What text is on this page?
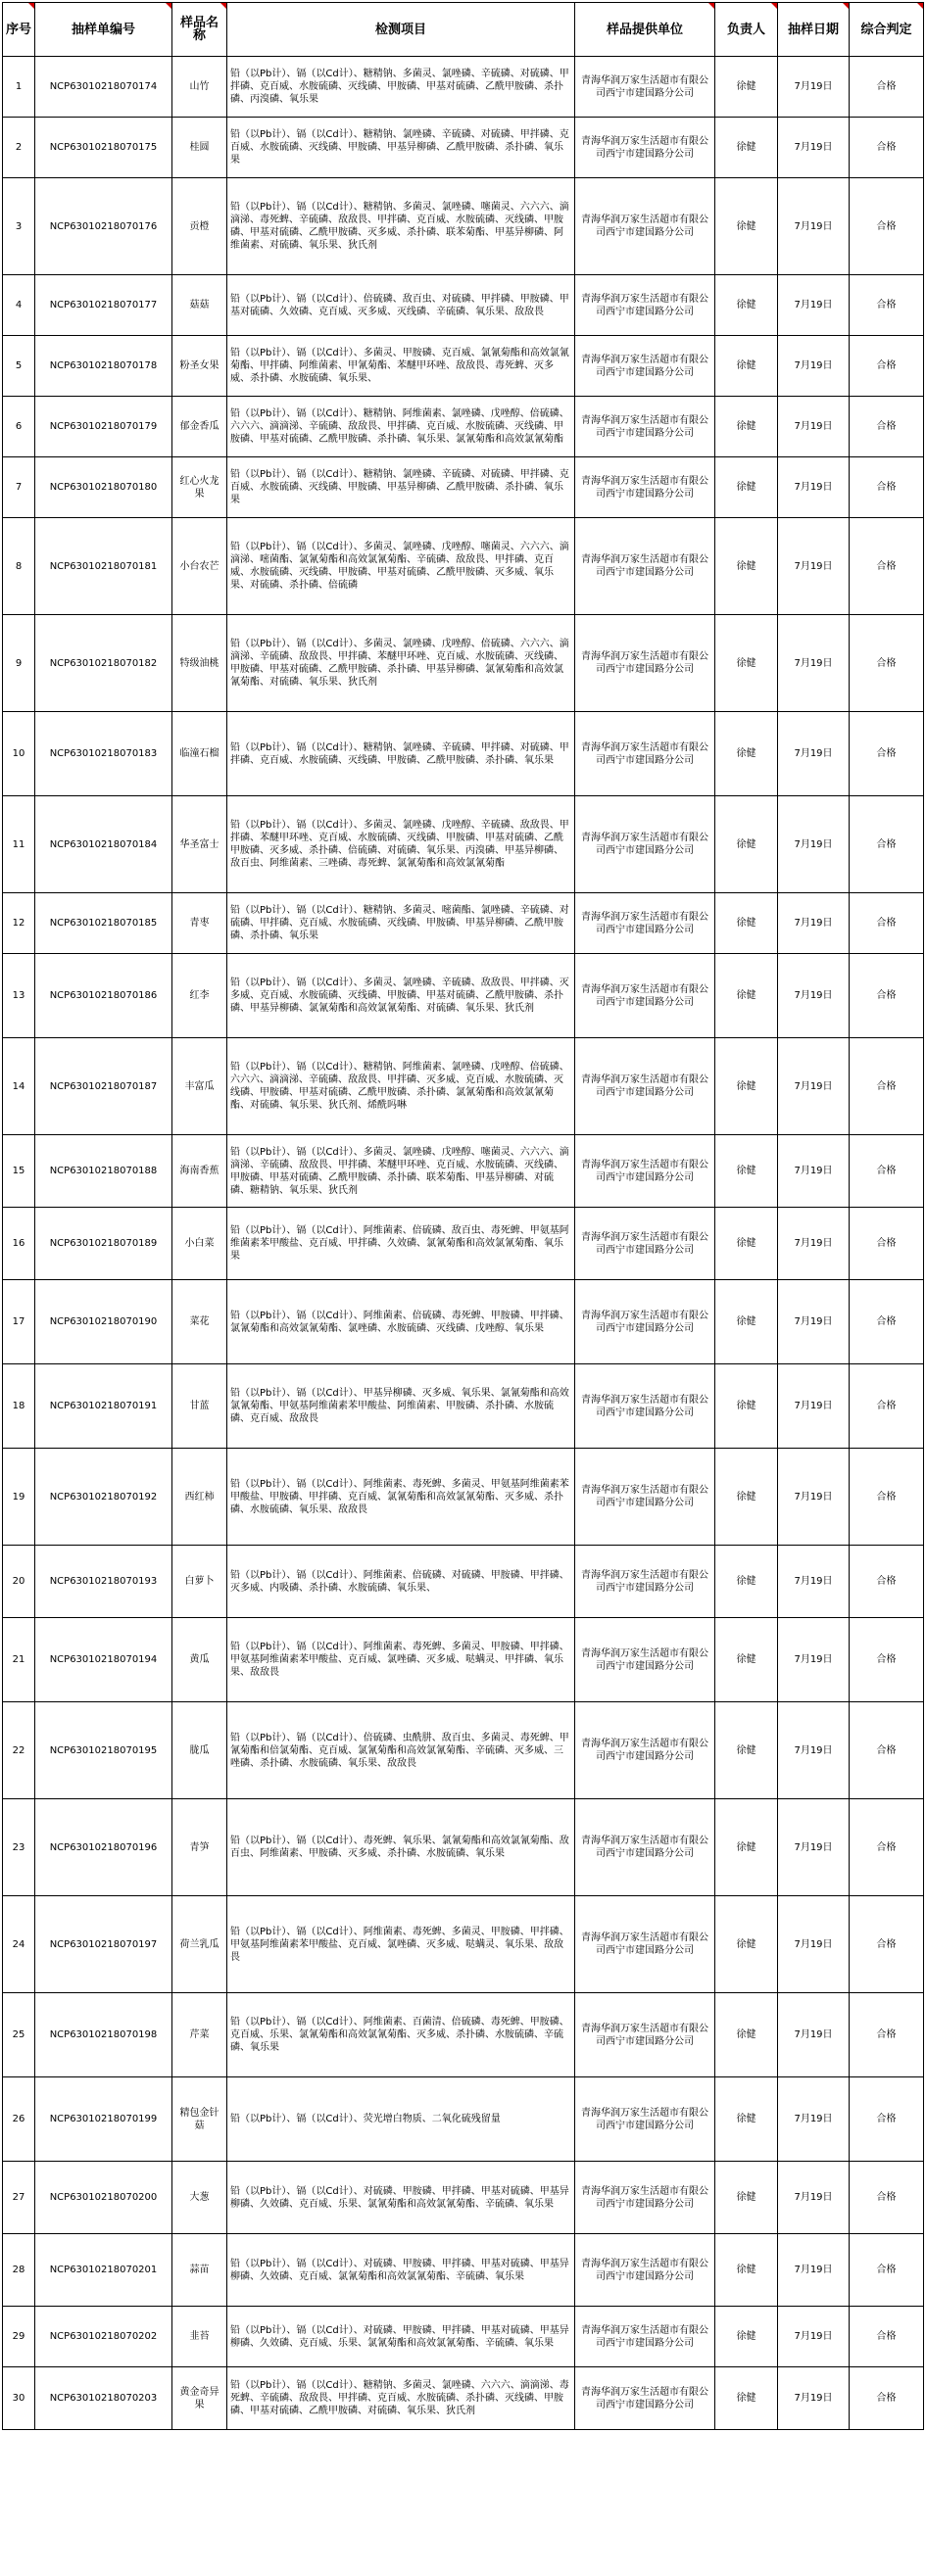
序号	抽样单编号	样品名称	检测项目	样品提供单位	负责人	抽样日期	综合判定

1	NCP63010218070174	山竹	铅（以Pb计）、镉（以Cd计）、糖精钠、多菌灵、氯唑磷、辛硫磷、对硫磷、甲拌磷、克百威、水胺硫磷、灭线磷、甲胺磷、甲基对硫磷、乙酰甲胺磷、杀扑磷、丙溴磷、氧乐果	青海华润万家生活超市有限公司西宁市建国路分公司	徐健	7月19日	合格
2	NCP63010218070175	桂圆	铅（以Pb计）、镉（以Cd计）、糖精钠、氯唑磷、辛硫磷、对硫磷、甲拌磷、克百威、水胺硫磷、灭线磷、甲胺磷、甲基异柳磷、乙酰甲胺磷、杀扑磷、氧乐果	青海华润万家生活超市有限公司西宁市建国路分公司	徐健	7月19日	合格
3	NCP63010218070176	贡橙	铅（以Pb计）、镉（以Cd计）、糖精钠、多菌灵、氯唑磷、噻菌灵、六六六、滴滴涕、毒死蜱、辛硫磷、敌敌畏、甲拌磷、克百威、水胺硫磷、灭线磷、甲胺磷、甲基对硫磷、乙酰甲胺磷、灭多威、杀扑磷、联苯菊酯、甲基异柳磷、阿维菌素、对硫磷、氧乐果、狄氏剂	青海华润万家生活超市有限公司西宁市建国路分公司	徐健	7月19日	合格
4	NCP63010218070177	菇菇	铅（以Pb计）、镉（以Cd计）、倍硫磷、敌百虫、对硫磷、甲拌磷、甲胺磷、甲基对硫磷、久效磷、克百威、灭多威、灭线磷、辛硫磷、氧乐果、敌敌畏	青海华润万家生活超市有限公司西宁市建国路分公司	徐健	7月19日	合格
5	NCP63010218070178	粉圣女果	铅（以Pb计）、镉（以Cd计）、多菌灵、甲胺磷、克百威、氯氰菊酯和高效氯氰菊酯、甲拌磷、阿维菌素、甲氰菊酯、苯醚甲环唑、敌敌畏、毒死蜱、灭多威、杀扑磷、水胺硫磷、氧乐果、	青海华润万家生活超市有限公司西宁市建国路分公司	徐健	7月19日	合格
6	NCP63010218070179	郁金香瓜	铅（以Pb计）、镉（以Cd计）、糖精钠、阿维菌素、氯唑磷、戊唑醇、倍硫磷、六六六、滴滴涕、辛硫磷、敌敌畏、甲拌磷、克百威、水胺硫磷、灭线磷、甲胺磷、甲基对硫磷、乙酰甲胺磷、杀扑磷、氧乐果、氯氰菊酯和高效氯氰菊酯	青海华润万家生活超市有限公司西宁市建国路分公司	徐健	7月19日	合格
7	NCP63010218070180	红心火龙果	铅（以Pb计）、镉（以Cd计）、糖精钠、氯唑磷、辛硫磷、对硫磷、甲拌磷、克百威、水胺硫磷、灭线磷、甲胺磷、甲基异柳磷、乙酰甲胺磷、杀扑磷、氧乐果	青海华润万家生活超市有限公司西宁市建国路分公司	徐健	7月19日	合格
8	NCP63010218070181	小台农芒	铅（以Pb计）、镉（以Cd计）、多菌灵、氯唑磷、戊唑醇、噻菌灵、六六六、滴滴涕、嘧菌酯、氯氰菊酯和高效氯氰菊酯、辛硫磷、敌敌畏、甲拌磷、克百威、水胺硫磷、灭线磷、甲胺磷、甲基对硫磷、乙酰甲胺磷、灭多威、氧乐果、对硫磷、杀扑磷、倍硫磷	青海华润万家生活超市有限公司西宁市建国路分公司	徐健	7月19日	合格
9	NCP63010218070182	特级油桃	铅（以Pb计）、镉（以Cd计）、多菌灵、氯唑磷、戊唑醇、倍硫磷、六六六、滴滴涕、辛硫磷、敌敌畏、甲拌磷、苯醚甲环唑、克百威、水胺硫磷、灭线磷、甲胺磷、甲基对硫磷、乙酰甲胺磷、杀扑磷、甲基异柳磷、氯氰菊酯和高效氯氰菊酯、对硫磷、氧乐果、狄氏剂	青海华润万家生活超市有限公司西宁市建国路分公司	徐健	7月19日	合格
10	NCP63010218070183	临潼石榴	铅（以Pb计）、镉（以Cd计）、糖精钠、氯唑磷、辛硫磷、甲拌磷、对硫磷、甲拌磷、克百威、水胺硫磷、灭线磷、甲胺磷、乙酰甲胺磷、杀扑磷、氧乐果	青海华润万家生活超市有限公司西宁市建国路分公司	徐健	7月19日	合格
11	NCP63010218070184	华圣富士	铅（以Pb计）、镉（以Cd计）、多菌灵、氯唑磷、戊唑醇、辛硫磷、敌敌畏、甲拌磷、苯醚甲环唑、克百威、水胺硫磷、灭线磷、甲胺磷、甲基对硫磷、乙酰甲胺磷、灭多威、杀扑磷、倍硫磷、对硫磷、氧乐果、丙溴磷、甲基异柳磷、敌百虫、阿维菌素、三唑磷、毒死蜱、氯氰菊酯和高效氯氰菊酯	青海华润万家生活超市有限公司西宁市建国路分公司	徐健	7月19日	合格
12	NCP63010218070185	青枣	铅（以Pb计）、镉（以Cd计）、糖精钠、多菌灵、嘧菌酯、氯唑磷、辛硫磷、对硫磷、甲拌磷、克百威、水胺硫磷、灭线磷、甲胺磷、甲基异柳磷、乙酰甲胺磷、杀扑磷、氧乐果	青海华润万家生活超市有限公司西宁市建国路分公司	徐健	7月19日	合格
13	NCP63010218070186	红李	铅（以Pb计）、镉（以Cd计）、多菌灵、氯唑磷、辛硫磷、敌敌畏、甲拌磷、灭多威、克百威、水胺硫磷、灭线磷、甲胺磷、甲基对硫磷、乙酰甲胺磷、杀扑磷、甲基异柳磷、氯氰菊酯和高效氯氰菊酯、对硫磷、氧乐果、狄氏剂	青海华润万家生活超市有限公司西宁市建国路分公司	徐健	7月19日	合格
14	NCP63010218070187	丰富瓜	铅（以Pb计）、镉（以Cd计）、糖精钠、阿维菌素、氯唑磷、戊唑醇、倍硫磷、六六六、滴滴涕、辛硫磷、敌敌畏、甲拌磷、灭多威、克百威、水胺硫磷、灭线磷、甲胺磷、甲基对硫磷、乙酰甲胺磷、杀扑磷、氯氰菊酯和高效氯氰菊酯、对硫磷、氧乐果、狄氏剂、烯酰吗啉	青海华润万家生活超市有限公司西宁市建国路分公司	徐健	7月19日	合格
15	NCP63010218070188	海南香蕉	铅（以Pb计）、镉（以Cd计）、多菌灵、氯唑磷、戊唑醇、噻菌灵、六六六、滴滴涕、辛硫磷、敌敌畏、甲拌磷、苯醚甲环唑、克百威、水胺硫磷、灭线磷、甲胺磷、甲基对硫磷、乙酰甲胺磷、杀扑磷、联苯菊酯、甲基异柳磷、对硫磷、糖精钠、氧乐果、狄氏剂	青海华润万家生活超市有限公司西宁市建国路分公司	徐健	7月19日	合格
16	NCP63010218070189	小白菜	铅（以Pb计）、镉（以Cd计）、阿维菌素、倍硫磷、敌百虫、毒死蜱、甲氨基阿维菌素苯甲酸盐、克百威、甲拌磷、久效磷、氯氰菊酯和高效氯氰菊酯、氧乐果	青海华润万家生活超市有限公司西宁市建国路分公司	徐健	7月19日	合格
17	NCP63010218070190	菜花	铅（以Pb计）、镉（以Cd计）、阿维菌素、倍硫磷、毒死蜱、甲胺磷、甲拌磷、氯氰菊酯和高效氯氰菊酯、氯唑磷、水胺硫磷、灭线磷、戊唑醇、氧乐果	青海华润万家生活超市有限公司西宁市建国路分公司	徐健	7月19日	合格
18	NCP63010218070191	甘蓝	铅（以Pb计）、镉（以Cd计）、甲基异柳磷、灭多威、氧乐果、氯氰菊酯和高效氯氰菊酯、甲氨基阿维菌素苯甲酸盐、阿维菌素、甲胺磷、杀扑磷、水胺硫磷、克百威、敌敌畏	青海华润万家生活超市有限公司西宁市建国路分公司	徐健	7月19日	合格
19	NCP63010218070192	西红柿	铅（以Pb计）、镉（以Cd计）、阿维菌素、毒死蜱、多菌灵、甲氨基阿维菌素苯甲酸盐、甲胺磷、甲拌磷、克百威、氯氰菊酯和高效氯氰菊酯、灭多威、杀扑磷、水胺硫磷、氧乐果、敌敌畏	青海华润万家生活超市有限公司西宁市建国路分公司	徐健	7月19日	合格
20	NCP63010218070193	白萝卜	铅（以Pb计）、镉（以Cd计）、阿维菌素、倍硫磷、对硫磷、甲胺磷、甲拌磷、灭多威、内吸磷、杀扑磷、水胺硫磷、氧乐果、	青海华润万家生活超市有限公司西宁市建国路分公司	徐健	7月19日	合格
21	NCP63010218070194	黄瓜	铅（以Pb计）、镉（以Cd计）、阿维菌素、毒死蜱、多菌灵、甲胺磷、甲拌磷、甲氨基阿维菌素苯甲酸盐、克百威、氯唑磷、灭多威、哒螨灵、甲拌磷、氧乐果、敌敌畏	青海华润万家生活超市有限公司西宁市建国路分公司	徐健	7月19日	合格
22	NCP63010218070195	胧瓜	铅（以Pb计）、镉（以Cd计）、倍硫磷、虫酰肼、敌百虫、多菌灵、毒死蜱、甲氰菊酯和倍氯菊酯、克百威、氯氰菊酯和高效氯氰菊酯、辛硫磷、灭多威、三唑磷、杀扑磷、水胺硫磷、氧乐果、敌敌畏	青海华润万家生活超市有限公司西宁市建国路分公司	徐健	7月19日	合格
23	NCP63010218070196	青笋	铅（以Pb计）、镉（以Cd计）、毒死蜱、氧乐果、氯氰菊酯和高效氯氰菊酯、敌百虫、阿维菌素、甲胺磷、灭多威、杀扑磷、水胺硫磷、氧乐果	青海华润万家生活超市有限公司西宁市建国路分公司	徐健	7月19日	合格
24	NCP63010218070197	荷兰乳瓜	铅（以Pb计）、镉（以Cd计）、阿维菌素、毒死蜱、多菌灵、甲胺磷、甲拌磷、甲氨基阿维菌素苯甲酸盐、克百威、氯唑磷、灭多威、哒螨灵、氧乐果、敌敌畏	青海华润万家生活超市有限公司西宁市建国路分公司	徐健	7月19日	合格
25	NCP63010218070198	芹菜	铅（以Pb计）、镉（以Cd计）、阿维菌素、百菌清、倍硫磷、毒死蜱、甲胺磷、克百威、乐果、氯氰菊酯和高效氯氰菊酯、灭多威、杀扑磷、水胺硫磷、辛硫磷、氧乐果	青海华润万家生活超市有限公司西宁市建国路分公司	徐健	7月19日	合格
26	NCP63010218070199	精包金针菇	铅（以Pb计）、镉（以Cd计）、荧光增白物质、二氧化硫残留量	青海华润万家生活超市有限公司西宁市建国路分公司	徐健	7月19日	合格
27	NCP63010218070200	大葱	铅（以Pb计）、镉（以Cd计）、对硫磷、甲胺磷、甲拌磷、甲基对硫磷、甲基异柳磷、久效磷、克百威、乐果、氯氰菊酯和高效氯氰菊酯、辛硫磷、氧乐果	青海华润万家生活超市有限公司西宁市建国路分公司	徐健	7月19日	合格
28	NCP63010218070201	蒜苗	铅（以Pb计）、镉（以Cd计）、对硫磷、甲胺磷、甲拌磷、甲基对硫磷、甲基异柳磷、久效磷、克百威、氯氰菊酯和高效氯氰菊酯、辛硫磷、氧乐果	青海华润万家生活超市有限公司西宁市建国路分公司	徐健	7月19日	合格
29	NCP63010218070202	韭苔	铅（以Pb计）、镉（以Cd计）、对硫磷、甲胺磷、甲拌磷、甲基对硫磷、甲基异柳磷、久效磷、克百威、乐果、氯氰菊酯和高效氯氰菊酯、辛硫磷、氧乐果	青海华润万家生活超市有限公司西宁市建国路分公司	徐健	7月19日	合格
30	NCP63010218070203	黄金奇异果	铅（以Pb计）、镉（以Cd计）、糖精钠、多菌灵、氯唑磷、六六六、滴滴涕、毒死蜱、辛硫磷、敌敌畏、甲拌磷、克百威、水胺硫磷、杀扑磷、灭线磷、甲胺磷、甲基对硫磷、乙酰甲胺磷、对硫磷、氧乐果、狄氏剂	青海华润万家生活超市有限公司西宁市建国路分公司	徐健	7月19日	合格
